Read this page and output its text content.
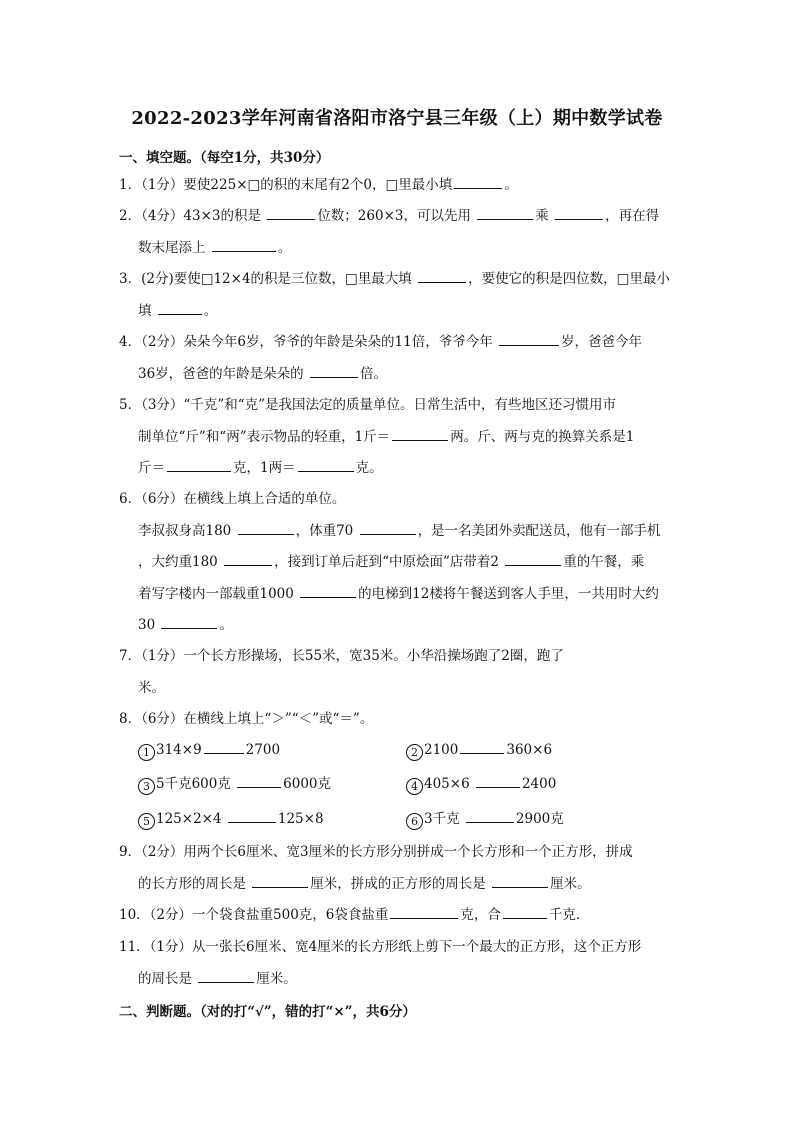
2022-2023学年河南省洛阳市洛宁县三年级（上）期中数学试卷
一、填空题。（每空1分，共30分）
1．（1分）要使225×□的积的末尾有2个0，□里最小填	。
2．（4分）43×3的积是	位数；260×3，可以先用	乘	，再在得
数末尾添上	。
3．(2分)要使□12×4的积是三位数，□里最大填	，要使它的积是四位数，□里最小
填	。
4．（2分）朵朵今年6岁，爷爷的年龄是朵朵的11倍，爷爷今年	岁，爸爸今年
36岁，爸爸的年龄是朵朵的	倍。
5．（3分）“千克”和“克”是我国法定的质量单位。日常生活中，有些地区还习惯用市
制单位“斤”和“两”表示物品的轻重，1斤＝	两。斤、两与克的换算关系是1
斤＝	克，1两＝	克。
6．（6分）在横线上填上合适的单位。
李叔叔身高180	，体重70	，是一名美团外卖配送员，他有一部手机
，大约重180	，接到订单后赶到“中原烩面”店带着2	重的午餐，乘
着写字楼内一部载重1000	的电梯到12楼将午餐送到客人手里，一共用时大约
30	。
7．（1分）一个长方形操场，长55米，宽35米。小华沿操场跑了2圈，跑了
米。
8．（6分）在横线上填上“＞”“＜”或“＝”。
1 314×9	2700	2 2100	360×6
3 5千克600克	6000克	4 405×6	2400
5 125×2×4	125×8	6 3千克	2900克
9．（2分）用两个长6厘米、宽3厘米的长方形分别拼成一个长方形和一个正方形，拼成
的长方形的周长是	厘米，拼成的正方形的周长是	厘米。
10．（2分）一个袋食盐重500克，6袋食盐重	克，合	千克．
11．（1分）从一张长6厘米、宽4厘米的长方形纸上剪下一个最大的正方形，这个正方形
的周长是	厘米。
二、判断题。（对的打“√”，错的打“×”，共6分）
